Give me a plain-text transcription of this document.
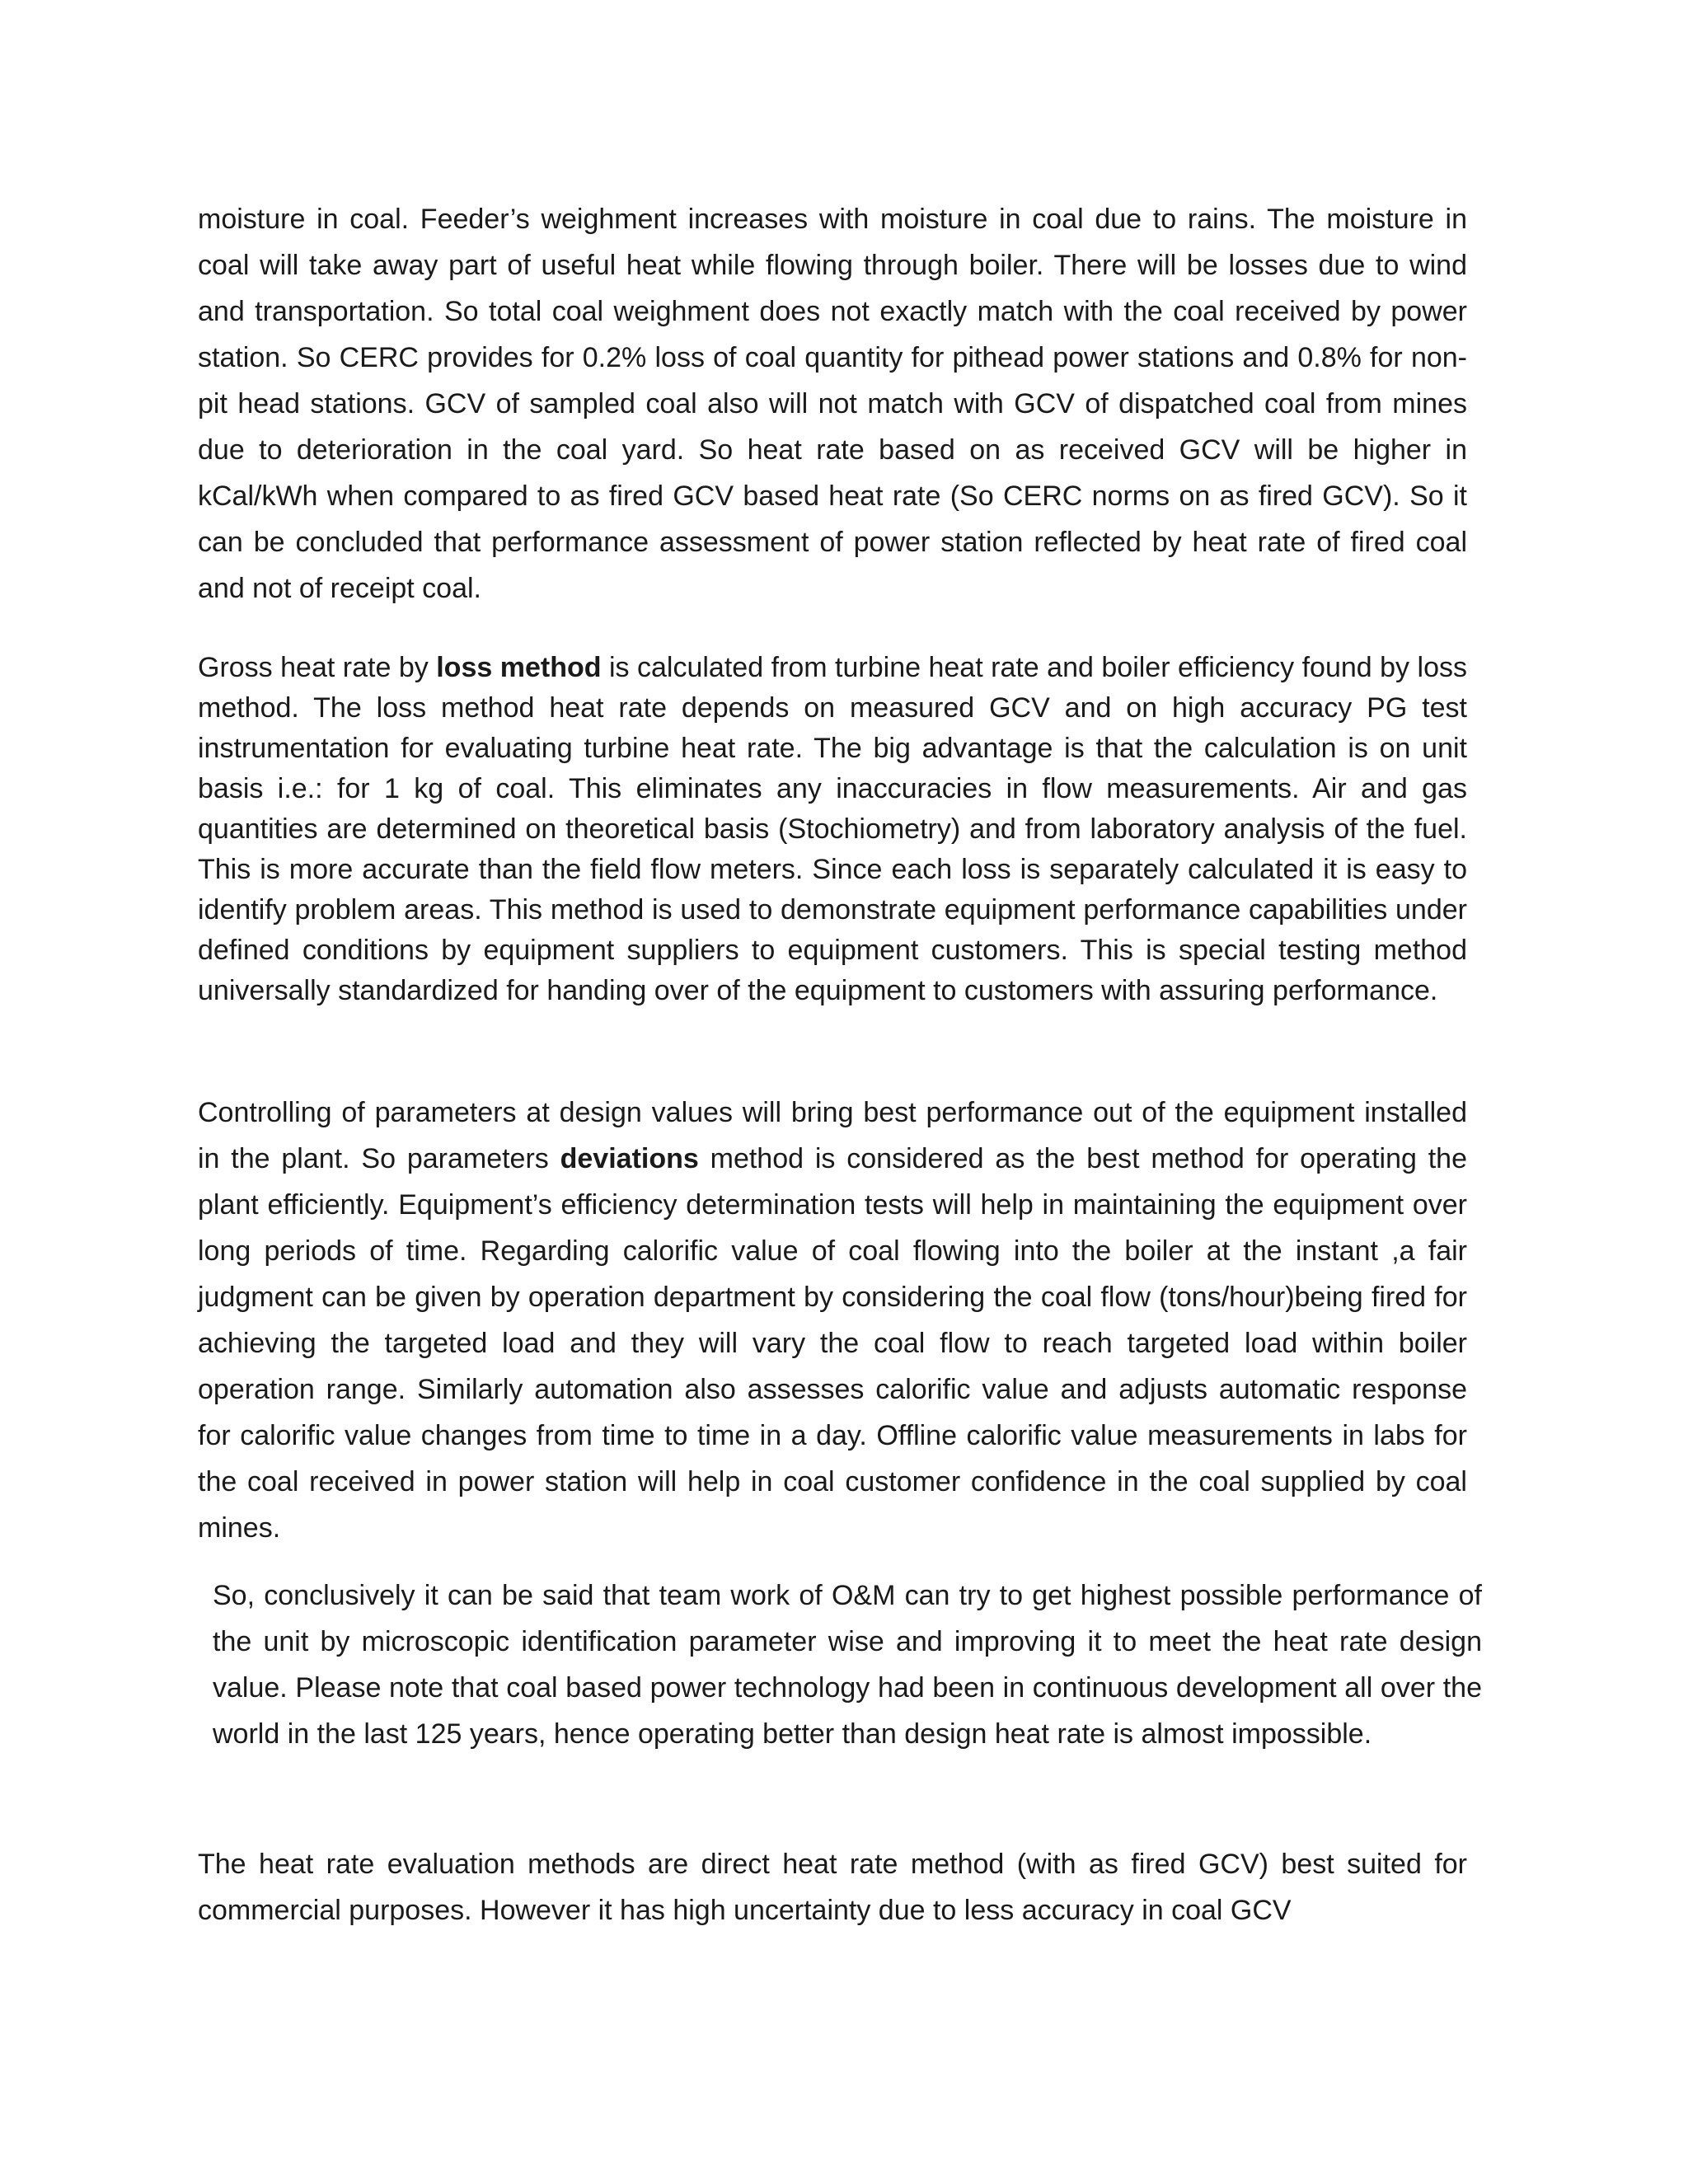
moisture in coal. Feeder’s weighment increases with moisture in coal due to rains. The moisture in coal will take away part of useful heat while flowing through boiler. There will be losses due to wind and transportation. So total coal weighment does not exactly match with the coal received by power station. So CERC provides for 0.2% loss of coal quantity for pithead power stations and 0.8% for non-pit head stations. GCV of sampled coal also will not match with GCV of dispatched coal from mines due to deterioration in the coal yard. So heat rate based on as received GCV will be higher in kCal/kWh when compared to as fired GCV based heat rate (So CERC norms on as fired GCV). So it can be concluded that performance assessment of power station reflected by heat rate of fired coal and not of receipt coal.

Gross heat rate by loss method is calculated from turbine heat rate and boiler efficiency found by loss method. The loss method heat rate depends on measured GCV and on high accuracy PG test instrumentation for evaluating turbine heat rate. The big advantage is that the calculation is on unit basis i.e.: for 1 kg of coal. This eliminates any inaccuracies in flow measurements. Air and gas quantities are determined on theoretical basis (Stochiometry) and from laboratory analysis of the fuel. This is more accurate than the field flow meters. Since each loss is separately calculated it is easy to identify problem areas. This method is used to demonstrate equipment performance capabilities under defined conditions by equipment suppliers to equipment customers. This is special testing method universally standardized for handing over of the equipment to customers with assuring performance.

Controlling of parameters at design values will bring best performance out of the equipment installed in the plant. So parameters deviations method is considered as the best method for operating the plant efficiently. Equipment’s efficiency determination tests will help in maintaining the equipment over long periods of time. Regarding calorific value of coal flowing into the boiler at the instant ,a fair judgment can be given by operation department by considering the coal flow (tons/hour)being fired for achieving the targeted load and they will vary the coal flow to reach targeted load within boiler operation range. Similarly automation also assesses calorific value and adjusts automatic response for calorific value changes from time to time in a day. Offline calorific value measurements in labs for the coal received in power station will help in coal customer confidence in the coal supplied by coal mines.

So, conclusively it can be said that team work of O&M can try to get highest possible performance of the unit by microscopic identification parameter wise and improving it to meet the heat rate design value. Please note that coal based power technology had been in continuous development all over the world in the last 125 years, hence operating better than design heat rate is almost impossible.

The heat rate evaluation methods are direct heat rate method (with as fired GCV) best suited for commercial purposes. However it has high uncertainty due to less accuracy in coal GCV
